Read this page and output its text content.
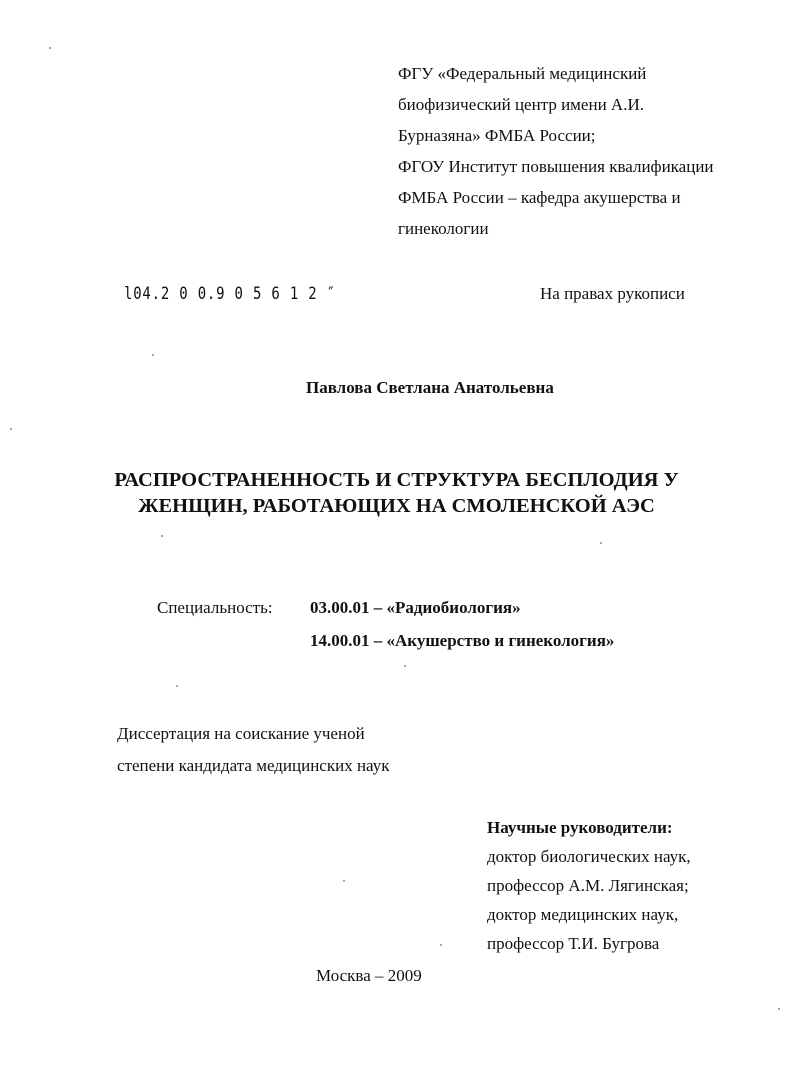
ФГУ «Федеральный медицинский
биофизический центр имени А.И.
Бурназяна» ФМБА России;
ФГОУ Институт повышения квалификации
ФМБА России – кафедра акушерства и
гинекологии
l04.2 0 0.9 0 5 6 1 2 ″	На правах рукописи
Павлова Светлана Анатольевна
РАСПРОСТРАНЕННОСТЬ И СТРУКТУРА БЕСПЛОДИЯ У
ЖЕНЩИН, РАБОТАЮЩИХ НА СМОЛЕНСКОЙ АЭС
Специальность: 03.00.01 – «Радиобиология»
14.00.01 – «Акушерство и гинекология»
Диссертация на соискание ученой
степени кандидата медицинских наук
Научные руководители:
доктор биологических наук,
профессор А.М. Лягинская;
доктор медицинских наук,
профессор Т.И. Бугрова
Москва – 2009
